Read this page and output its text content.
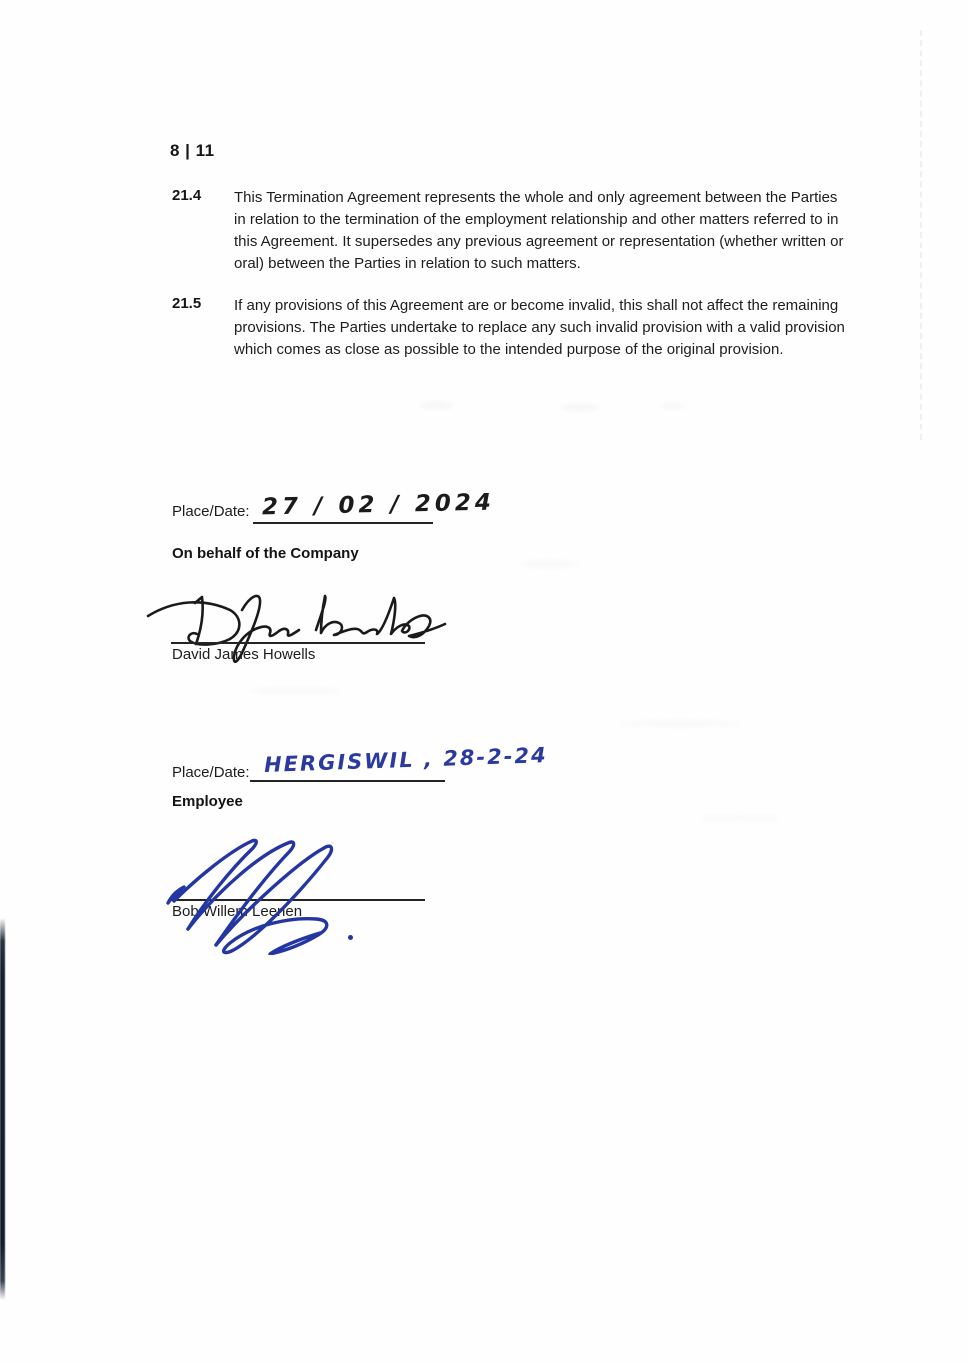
8 | 11
21.4 This Termination Agreement represents the whole and only agreement between the Parties in relation to the termination of the employment relationship and other matters referred to in this Agreement. It supersedes any previous agreement or representation (whether written or oral) between the Parties in relation to such matters.
21.5 If any provisions of this Agreement are or become invalid, this shall not affect the remaining provisions. The Parties undertake to replace any such invalid provision with a valid provision which comes as close as possible to the intended purpose of the original provision.
Place/Date: 27 / 02 / 2024
On behalf of the Company
David James Howells
Place/Date: HERGISWIL , 28-2-24
Employee
Bob Willem Leenen
